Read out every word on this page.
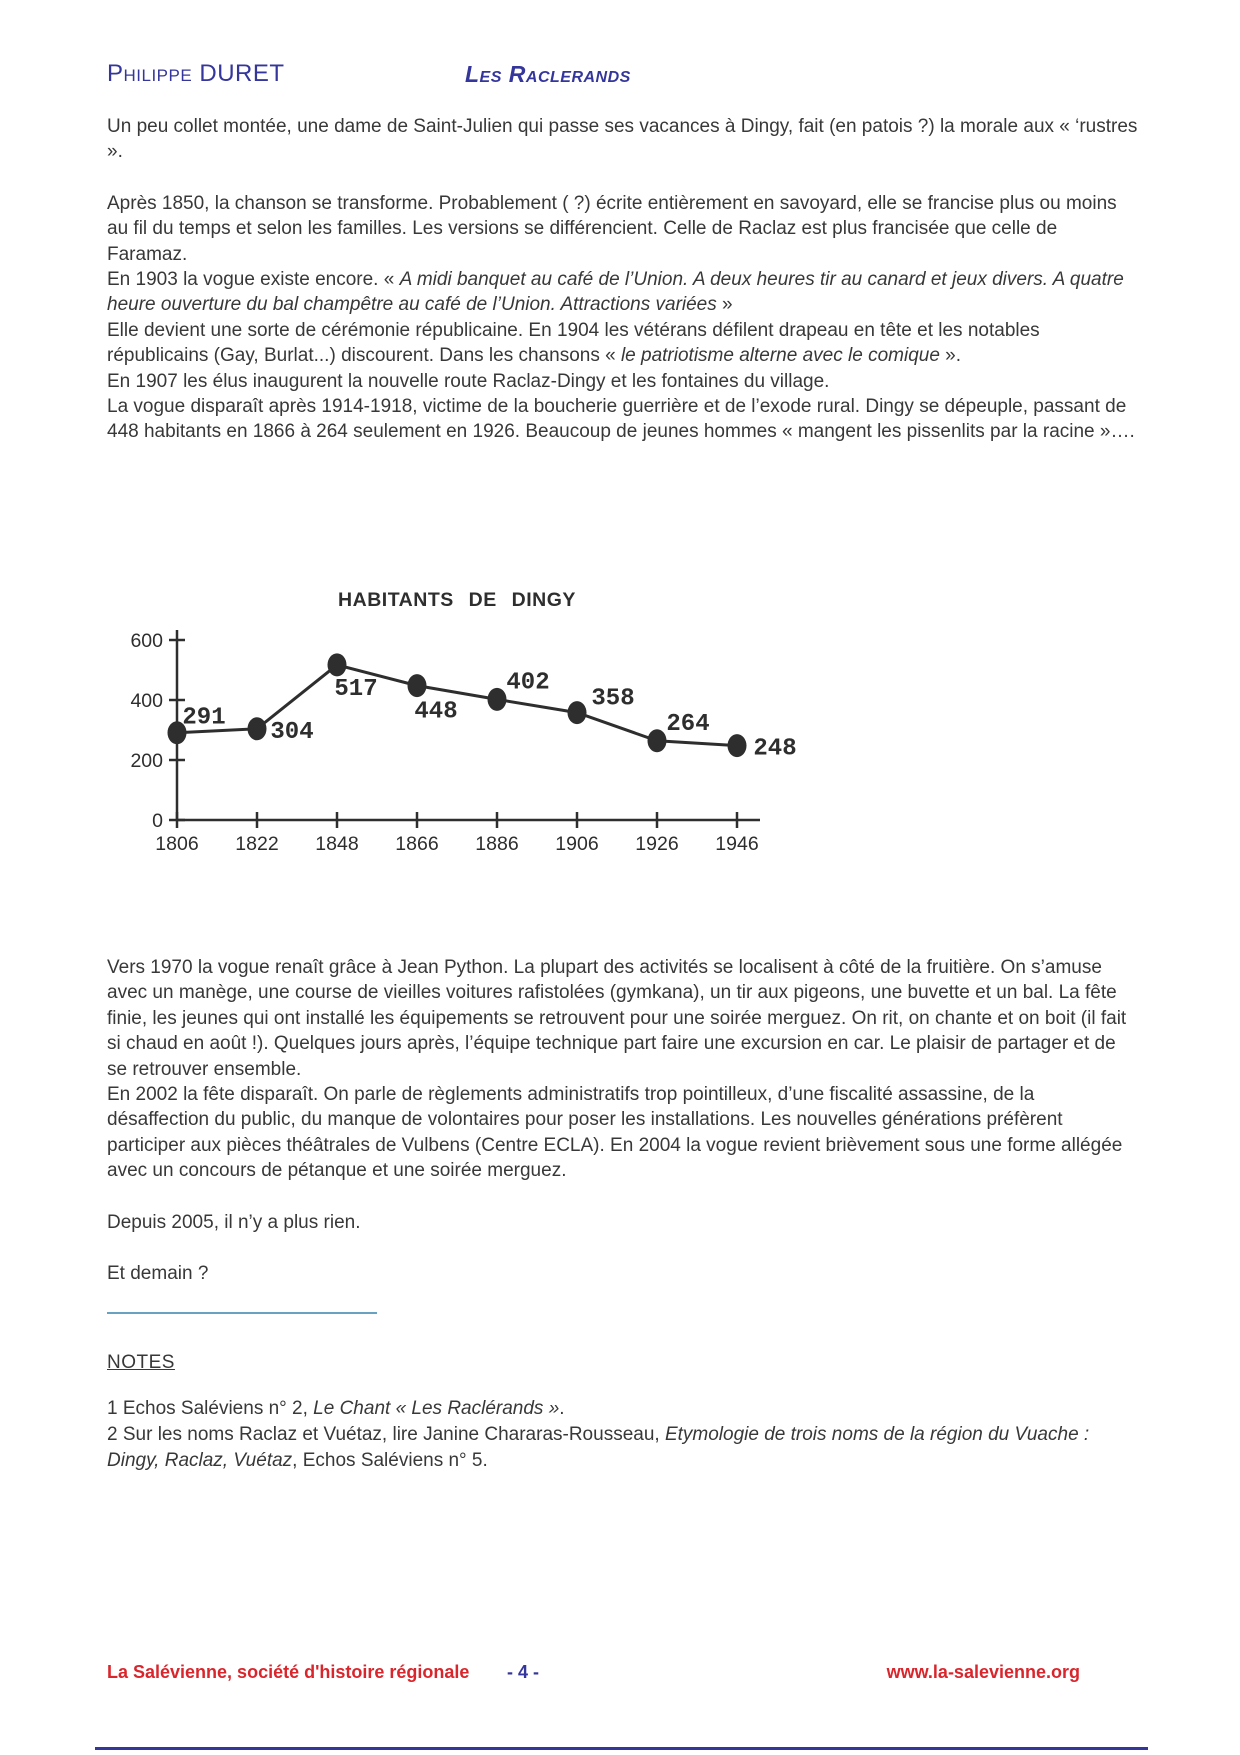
Philippe DURET	Les Raclerands

Un peu collet montée, une dame de Saint-Julien qui passe ses vacances à Dingy, fait (en patois ?) la morale aux « ‘rustres ».

Après 1850, la chanson se transforme. Probablement ( ?) écrite entièrement en savoyard, elle se francise plus ou moins au fil du temps et selon les familles. Les versions se différencient. Celle de Raclaz est plus francisée que celle de Faramaz.

En 1903 la vogue existe encore. « A midi banquet au café de l’Union. A deux heures tir au canard et jeux divers. A quatre heure ouverture du bal champêtre au café de l’Union. Attractions variées »

Elle devient une sorte de cérémonie républicaine. En 1904 les vétérans défilent drapeau en tête et les notables républicains (Gay, Burlat...) discourent. Dans les chansons « le patriotisme alterne avec le comique ».

En 1907 les élus inaugurent la nouvelle route Raclaz-Dingy et les fontaines du village.

La vogue disparaît après 1914-1918, victime de la boucherie guerrière et de l’exode rural. Dingy se dépeuple, passant de 448 habitants en 1866 à 264 seulement en 1926. Beaucoup de jeunes hommes « mangent les pissenlits par la racine »….

HABITANTS DE DINGY
0
200
400
600
1806 1822 1848 1866 1886 1906 1926 1946
291
304
517
448
402
358
264
248

Vers 1970 la vogue renaît grâce à Jean Python. La plupart des activités se localisent à côté de la fruitière. On s’amuse avec un manège, une course de vieilles voitures rafistolées (gymkana), un tir aux pigeons, une buvette et un bal. La fête finie, les jeunes qui ont installé les équipements se retrouvent pour une soirée merguez. On rit, on chante et on boit (il fait si chaud en août !). Quelques jours après, l’équipe technique part faire une excursion en car. Le plaisir de partager et de se retrouver ensemble.

En 2002 la fête disparaît. On parle de règlements administratifs trop pointilleux, d’une fiscalité assassine, de la désaffection du public, du manque de volontaires pour poser les installations. Les nouvelles générations préfèrent participer aux pièces théâtrales de Vulbens (Centre ECLA). En 2004 la vogue revient brièvement sous une forme allégée avec un concours de pétanque et une soirée merguez.

Depuis 2005, il n’y a plus rien.

Et demain ?

NOTES

1 Echos Saléviens n° 2, Le Chant « Les Raclérands ».

2 Sur les noms Raclaz et Vuétaz, lire Janine Chararas-Rousseau, Etymologie de trois noms de la région du Vuache : Dingy, Raclaz, Vuétaz, Echos Saléviens n° 5.

La Salévienne, société d'histoire régionale - 4 -	www.la-salevienne.org
